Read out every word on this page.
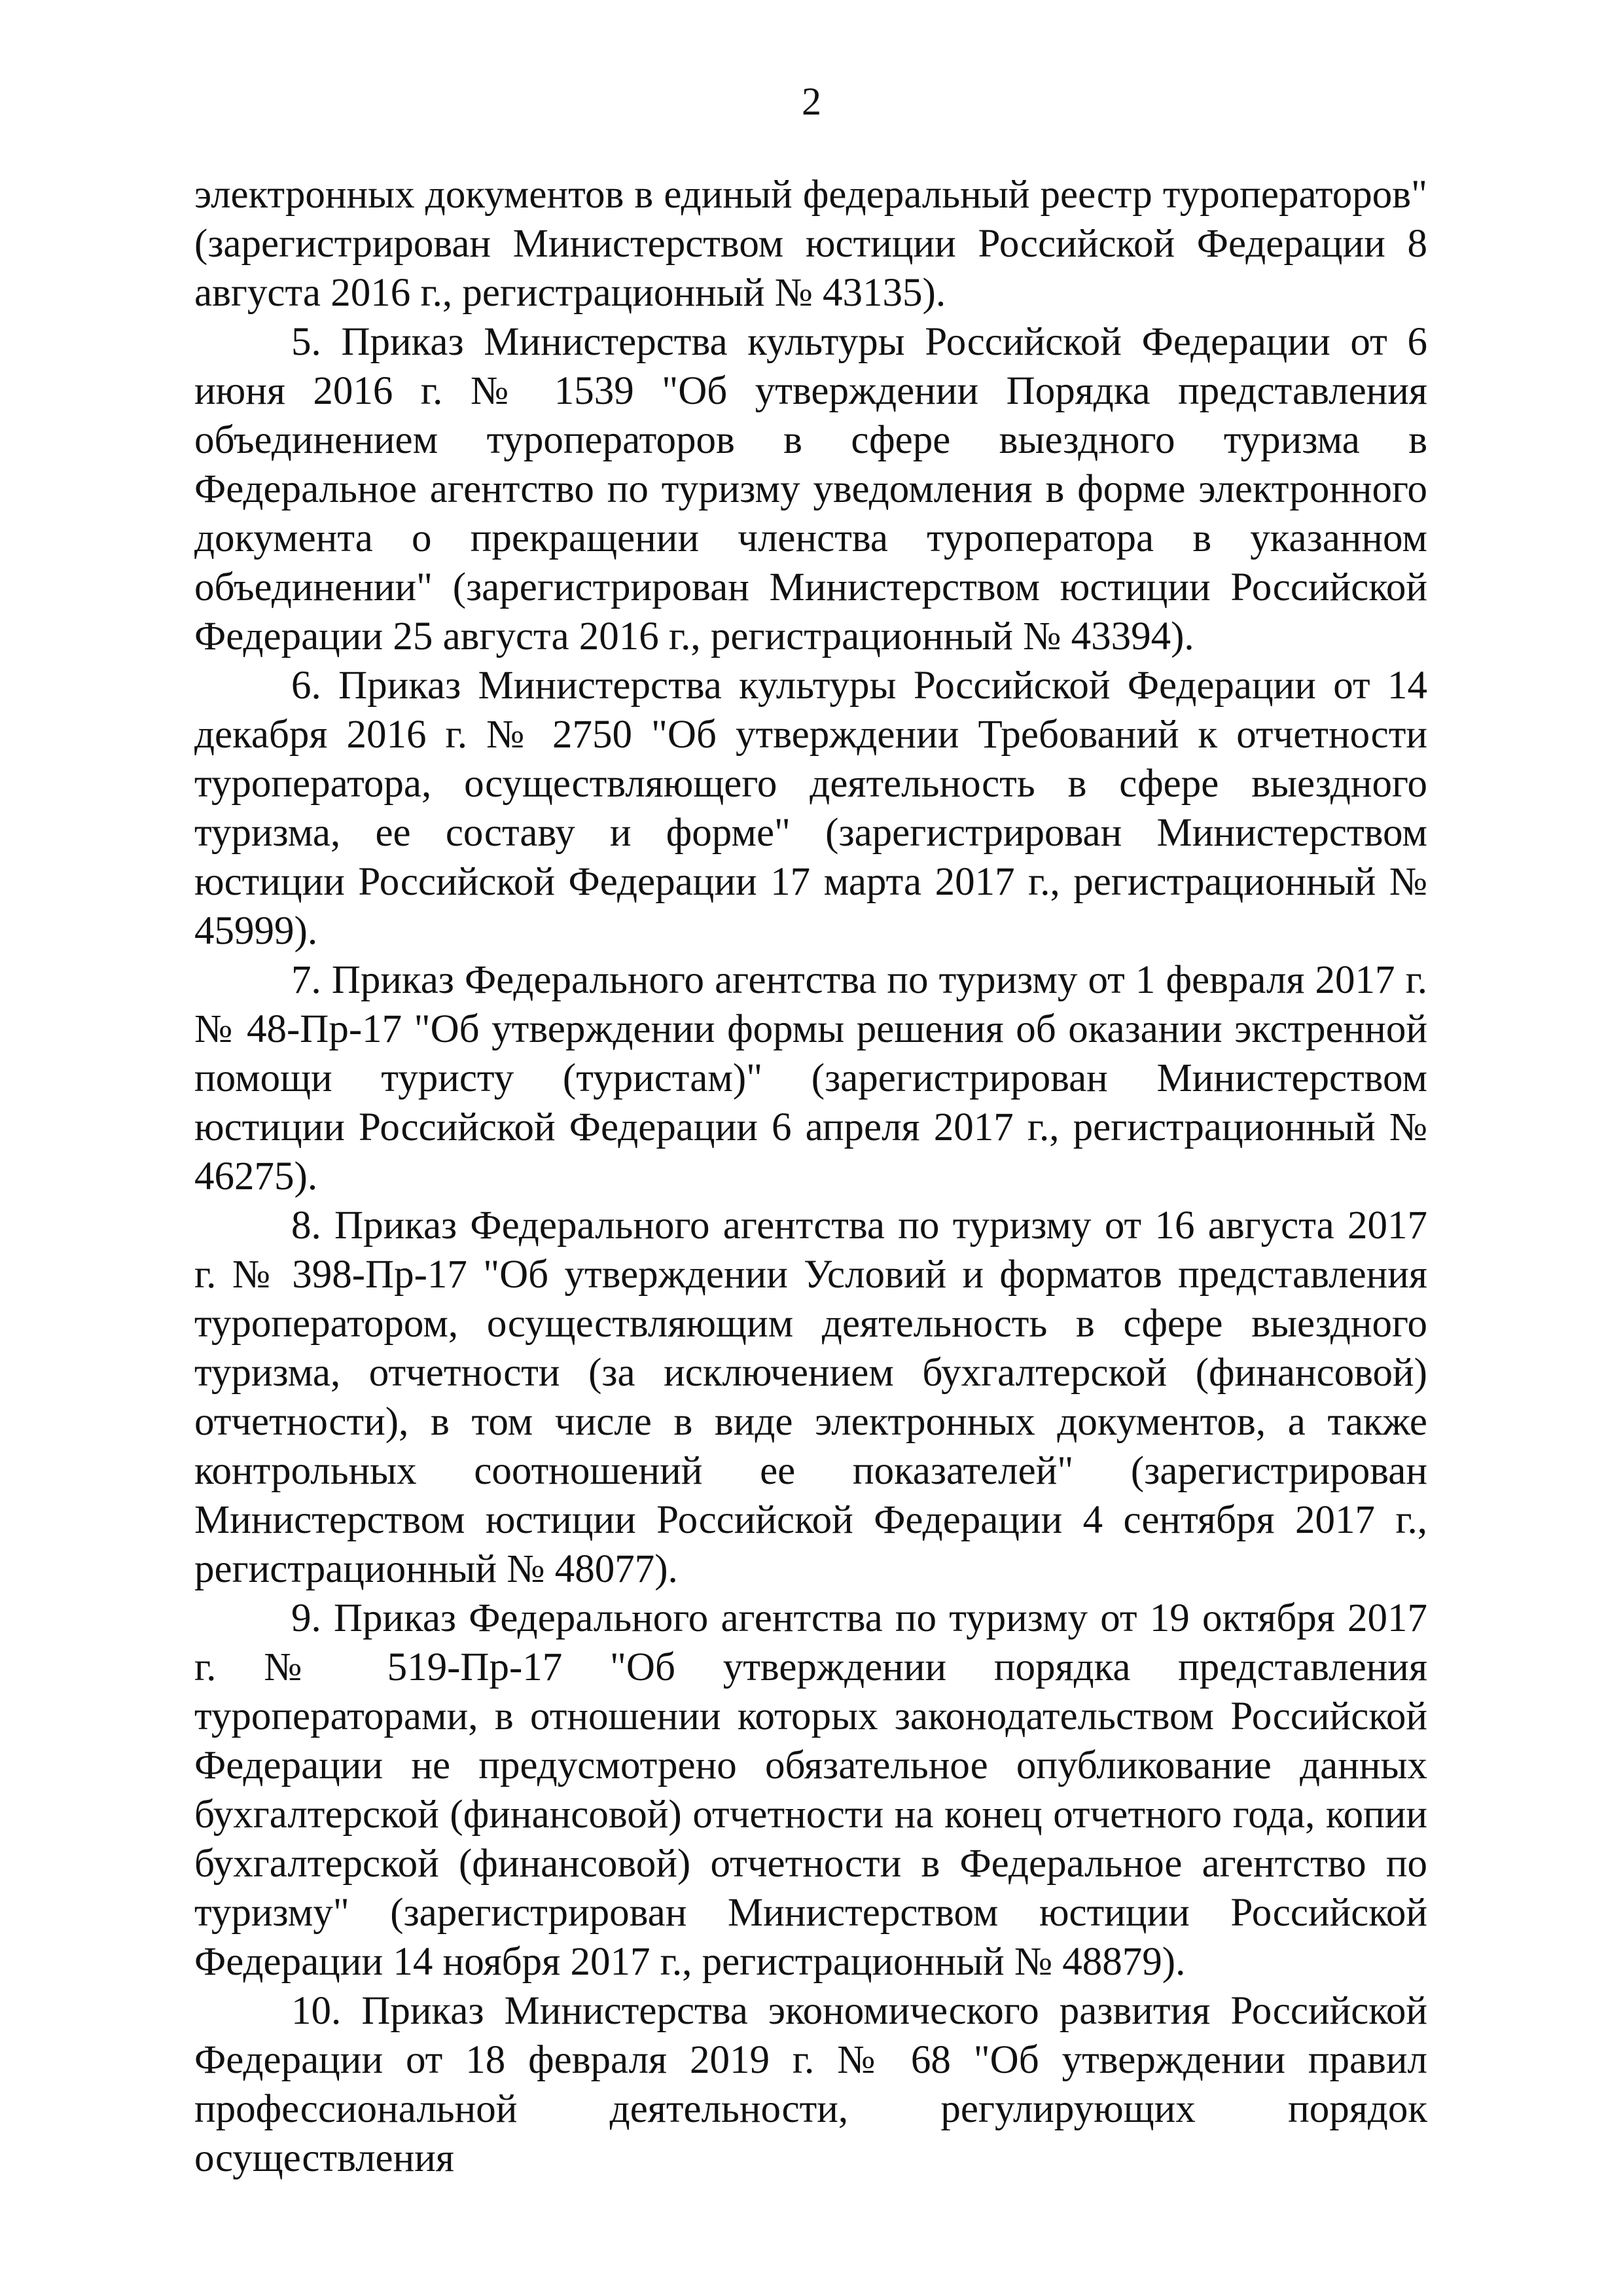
2

электронных документов в единый федеральный реестр туроператоров" (зарегистрирован Министерством юстиции Российской Федерации 8 августа 2016 г., регистрационный № 43135).

5. Приказ Министерства культуры Российской Федерации от 6 июня 2016 г. № 1539 "Об утверждении Порядка представления объединением туроператоров в сфере выездного туризма в Федеральное агентство по туризму уведомления в форме электронного документа о прекращении членства туроператора в указанном объединении" (зарегистрирован Министерством юстиции Российской Федерации 25 августа 2016 г., регистрационный № 43394).

6. Приказ Министерства культуры Российской Федерации от 14 декабря 2016 г. № 2750 "Об утверждении Требований к отчетности туроператора, осуществляющего деятельность в сфере выездного туризма, ее составу и форме" (зарегистрирован Министерством юстиции Российской Федерации 17 марта 2017 г., регистрационный № 45999).

7. Приказ Федерального агентства по туризму от 1 февраля 2017 г. № 48-Пр-17 "Об утверждении формы решения об оказании экстренной помощи туристу (туристам)" (зарегистрирован Министерством юстиции Российской Федерации 6 апреля 2017 г., регистрационный № 46275).

8. Приказ Федерального агентства по туризму от 16 августа 2017 г. № 398-Пр-17 "Об утверждении Условий и форматов представления туроператором, осуществляющим деятельность в сфере выездного туризма, отчетности (за исключением бухгалтерской (финансовой) отчетности), в том числе в виде электронных документов, а также контрольных соотношений ее показателей" (зарегистрирован Министерством юстиции Российской Федерации 4 сентября 2017 г., регистрационный № 48077).

9. Приказ Федерального агентства по туризму от 19 октября 2017 г. № 519-Пр-17 "Об утверждении порядка представления туроператорами, в отношении которых законодательством Российской Федерации не предусмотрено обязательное опубликование данных бухгалтерской (финансовой) отчетности на конец отчетного года, копии бухгалтерской (финансовой) отчетности в Федеральное агентство по туризму" (зарегистрирован Министерством юстиции Российской Федерации 14 ноября 2017 г., регистрационный № 48879).

10. Приказ Министерства экономического развития Российской Федерации от 18 февраля 2019 г. № 68 "Об утверждении правил профессиональной деятельности, регулирующих порядок осуществления
